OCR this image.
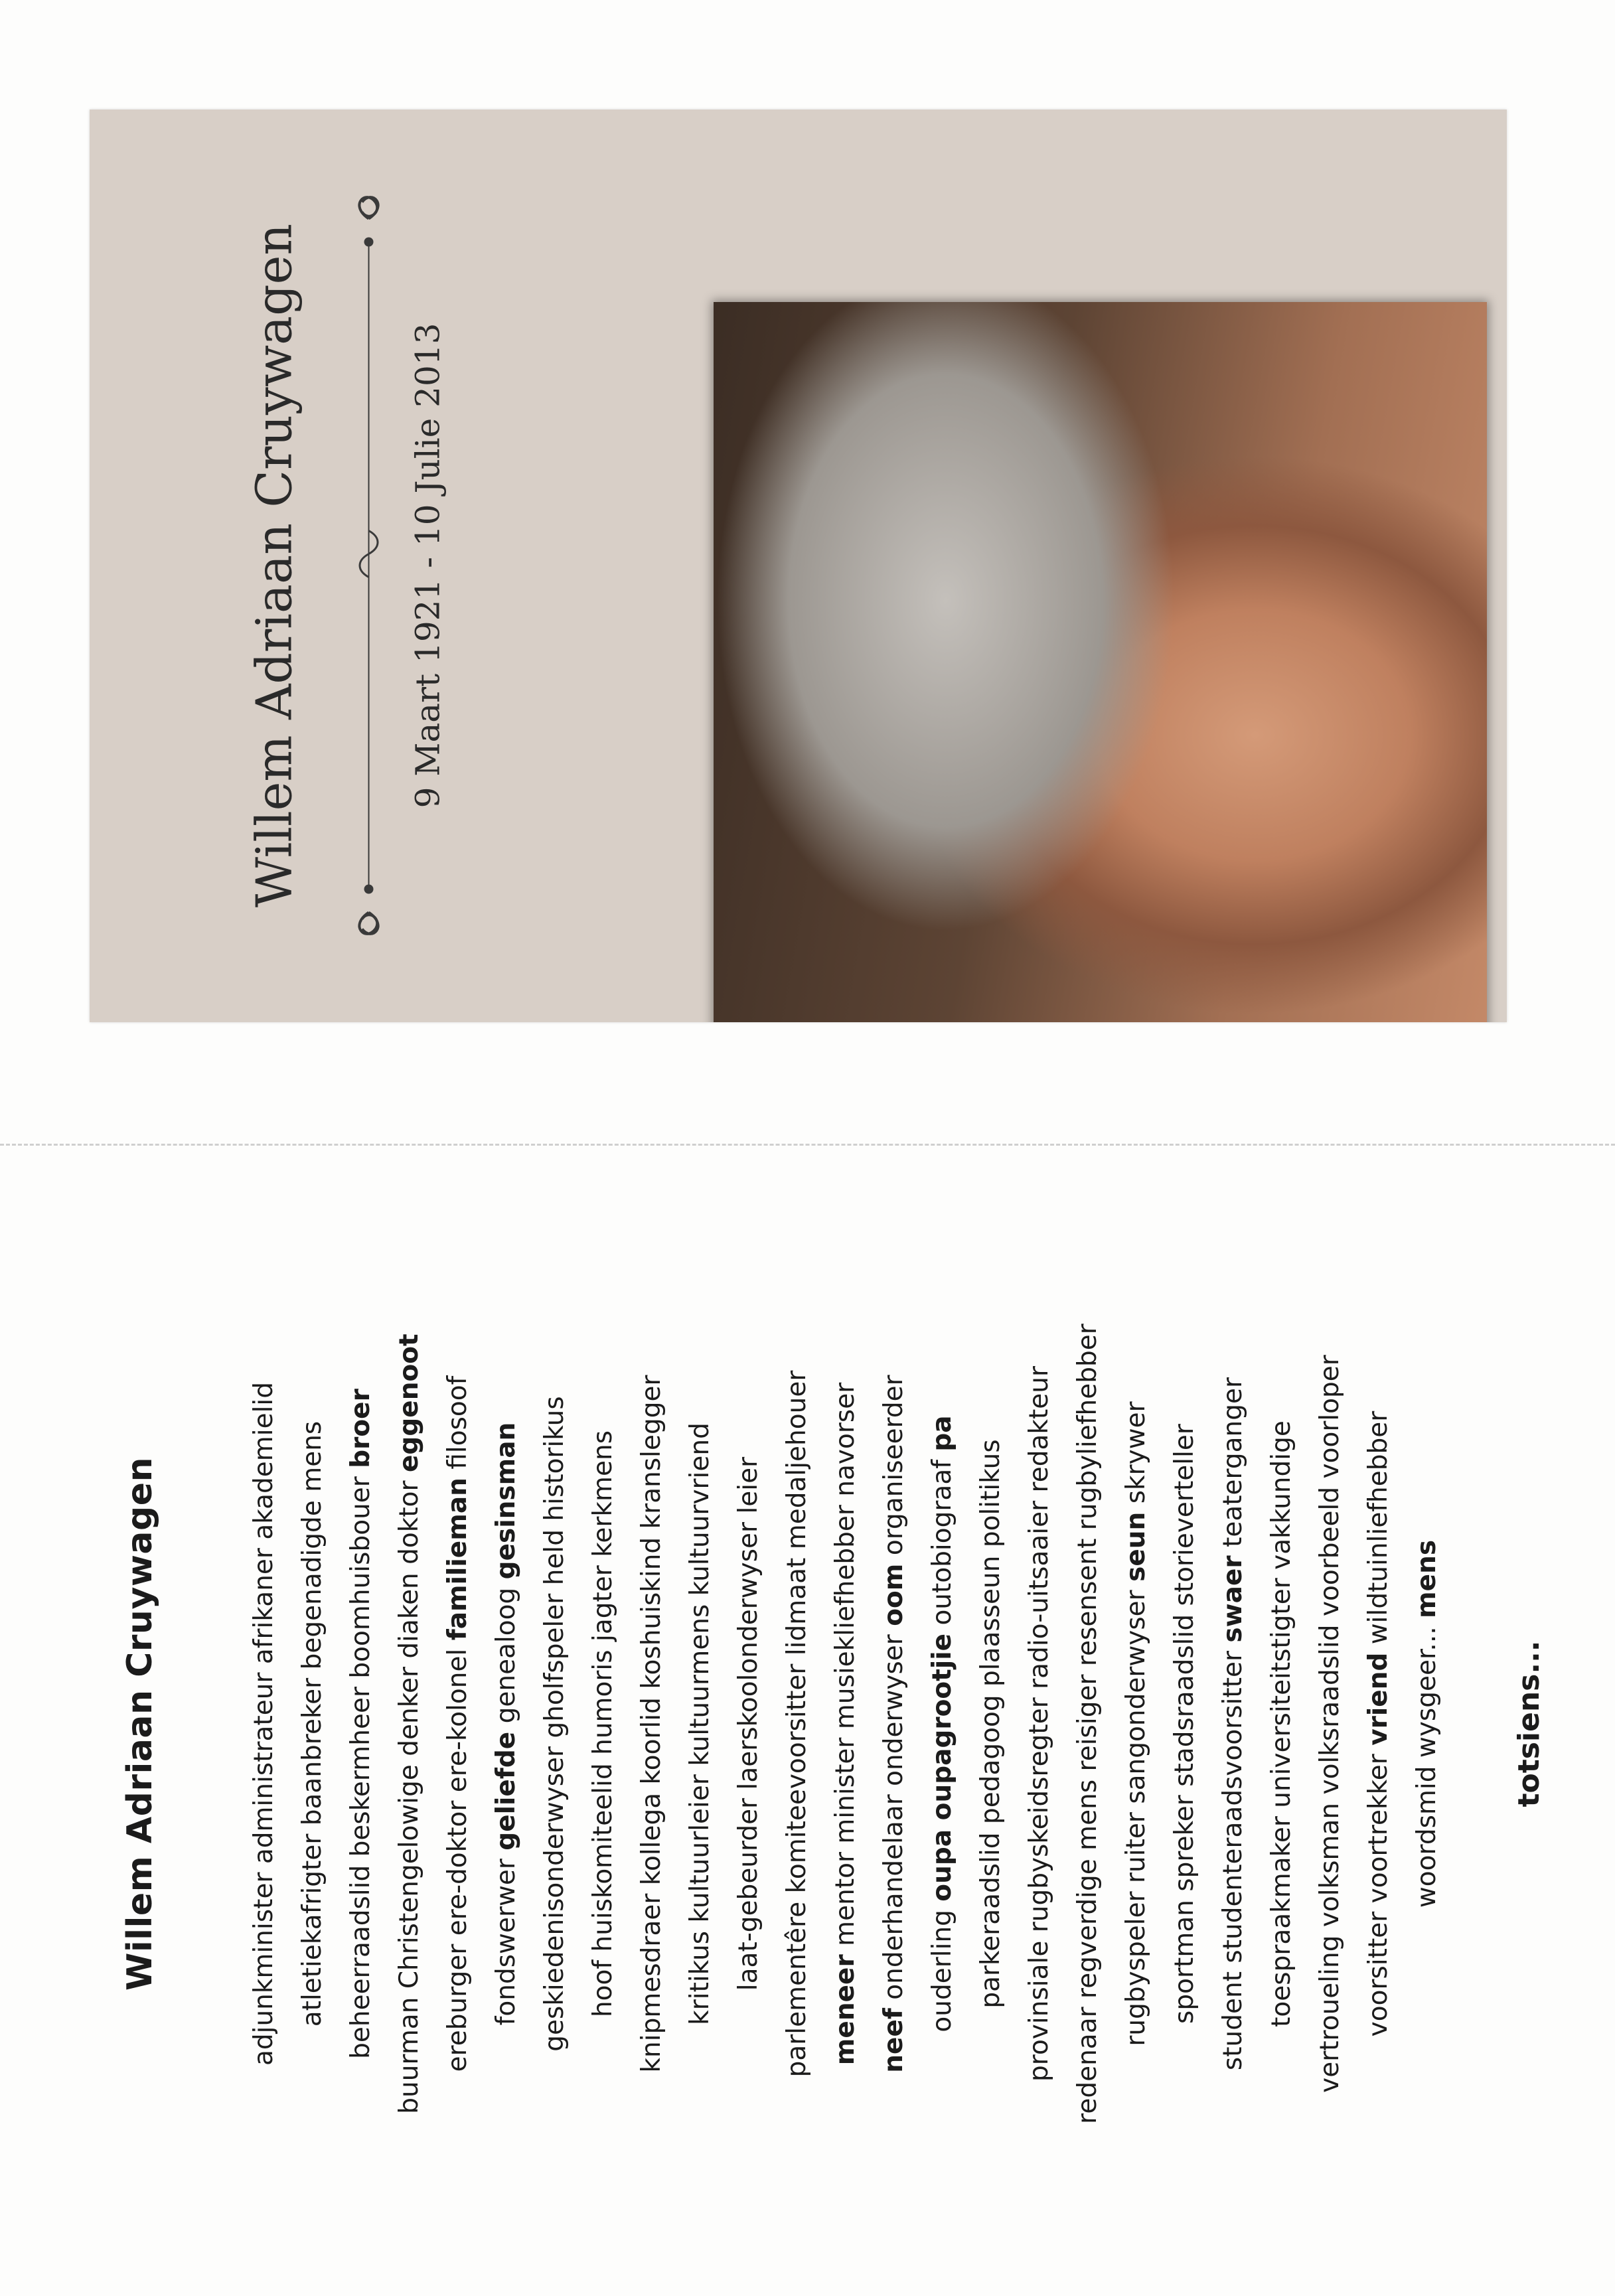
Willem Adriaan Cruywagen	9 Maart 1921 - 10 Julie 2013
Willem Adriaan Cruywagen	adjunkminister administrateur afrikaner akademielid atletiekafrigter baanbreker begenadigde mens beheerraadslid beskermheer boomhuisbouer broer
buurman Christengelowige denker diaken doktor eggenoot
ereburger ere-doktor ere-kolonel familieman filosoof
fondswerwer geliefde genealoog gesinsman geskiedenisonderwyser gholfspeler held historikus hoof huiskomiteelid humoris jagter kerkmens knipmesdraer kollega koorlid koshuiskind kranslegger kritikus kultuurleier kultuurmens kultuurvriend laat-gebeurder laerskoolonderwyser leier parlementêre komiteevoorsitter lidmaat medaljehouer meneer mentor minister musiekliefhebber navorser
neef onderhandelaar onderwyser oom organiseerder
ouderling oupa oupagrootjie outobiograaf pa
parkeraadslid pedagoog plaasseun politikus provinsiale rugbyskeidsregter radio-uitsaaier redakteur redenaar regverdige mens reisiger resensent rugbyliefhebber rugbyspeler ruiter sangonderwyser seun skrywer sportman spreker stadsraadslid storieverteller student studenteraadsvoorsitter swaer teaterganger toespraakmaker universiteitstigter vakkundige vertroueling volksman volksraadslid voorbeeld voorloper voorsitter voortrekker vriend wildtuinliefhebber
woordsmid wysgeer... mens
totsiens...
